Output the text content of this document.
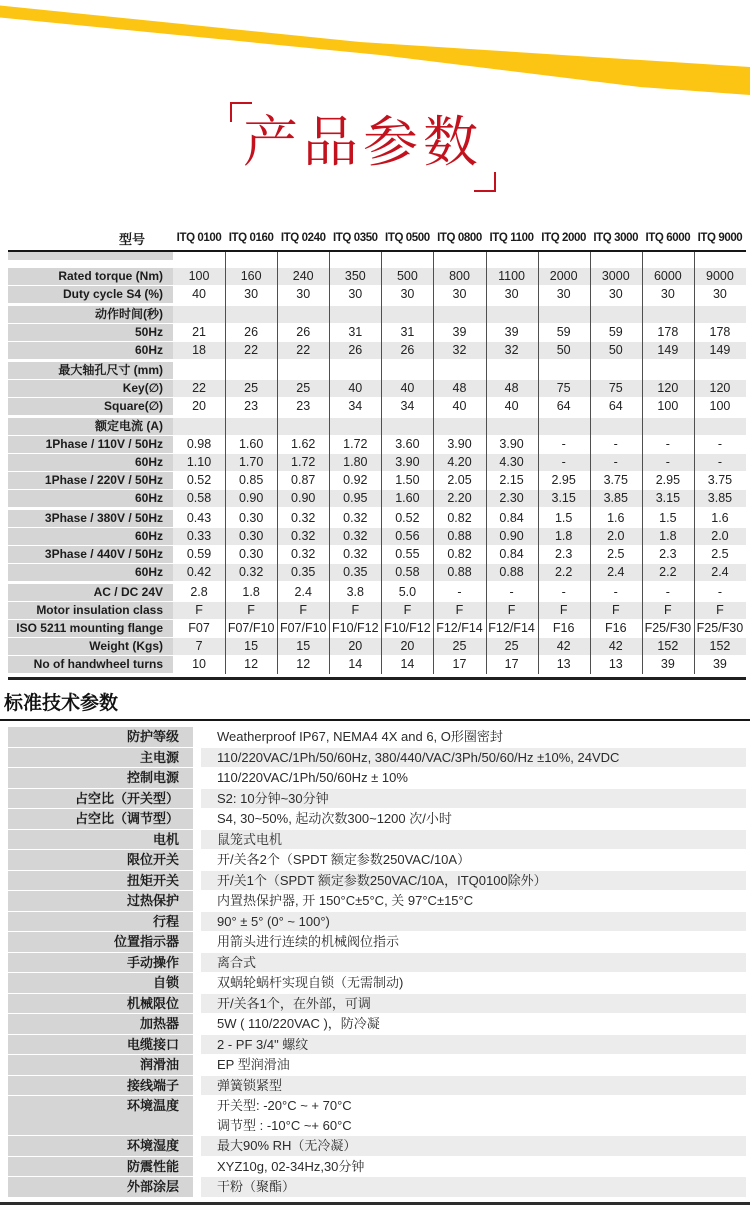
产品参数
型号	ITQ 0100 ITQ 0160 ITQ 0240 ITQ 0350 ITQ 0500 ITQ 0800 ITQ 1100 ITQ 2000 ITQ 3000 ITQ 6000 ITQ 9000
Rated torque (Nm)	100	160	240	350	500	800	1100	2000	3000	6000	9000
Duty cycle S4 (%)	40	30	30	30	30	30	30	30	30	30	30
动作时间(秒)
50Hz	21	26	26	31	31	39	39	59	59	178	178
60Hz	18	22	22	26	26	32	32	50	50	149	149
最大轴孔尺寸 (mm)
Key(∅)	22	25	25	40	40	48	48	75	75	120	120
Square(∅)	20	23	23	34	34	40	40	64	64	100	100
额定电流 (A)
1Phase / 110V / 50Hz	0.98	1.60	1.62	1.72	3.60	3.90	3.90	-	-	-	-
60Hz	1.10	1.70	1.72	1.80	3.90	4.20	4.30	-	-	-	-
1Phase / 220V / 50Hz	0.52	0.85	0.87	0.92	1.50	2.05	2.15	2.95	3.75	2.95	3.75
60Hz	0.58	0.90	0.90	0.95	1.60	2.20	2.30	3.15	3.85	3.15	3.85
3Phase / 380V / 50Hz	0.43	0.30	0.32	0.32	0.52	0.82	0.84	1.5	1.6	1.5	1.6
60Hz	0.33	0.30	0.32	0.32	0.56	0.88	0.90	1.8	2.0	1.8	2.0
3Phase / 440V / 50Hz	0.59	0.30	0.32	0.32	0.55	0.82	0.84	2.3	2.5	2.3	2.5
60Hz	0.42	0.32	0.35	0.35	0.58	0.88	0.88	2.2	2.4	2.2	2.4
AC / DC 24V	2.8	1.8	2.4	3.8	5.0	-	-	-	-	-	-
Motor insulation class	F	F	F	F	F	F	F	F	F	F	F
ISO 5211 mounting flange	F07	F07/F10 F07/F10 F10/F12 F10/F12 F12/F14 F12/F14	F16	F16	F25/F30 F25/F30
Weight (Kgs)	7	15	15	20	20	25	25	42	42	152	152
No of handwheel turns	10	12	12	14	14	17	17	13	13	39	39
标准技术参数
防护等级	Weatherproof IP67, NEMA4 4X and 6, O形圈密封
主电源	110/220VAC/1Ph/50/60Hz, 380/440/VAC/3Ph/50/60/Hz ±10%, 24VDC
控制电源	110/220VAC/1Ph/50/60Hz ± 10%
占空比（开关型）	S2: 10分钟~30分钟
占空比（调节型）	S4, 30~50%, 起动次数300~1200 次/小时
电机	鼠笼式电机
限位开关	开/关各2个（SPDT 额定参数250VAC/10A）
扭矩开关	开/关1个（SPDT 额定参数250VAC/10A，ITQ0100除外）
过热保护	内置热保护器, 开 150°C±5°C, 关 97°C±15°C
行程	90° ± 5° (0° ~ 100°)
位置指示器	用箭头进行连续的机械阀位指示
手动操作	离合式
自锁	双蜗轮蜗杆实现自锁（无需制动)
机械限位	开/关各1个，在外部，可调
加热器	5W ( 110/220VAC )，防冷凝
电缆接口	2 - PF 3/4" 螺纹
润滑油	EP 型润滑油
接线端子	弹簧锁紧型
环境温度	开关型: -20°C ~ + 70°C
调节型 : -10°C ~+ 60°C
环境湿度	最大90% RH（无冷凝）
防震性能	XYZ10g, 02-34Hz,30分钟
外部涂层	干粉（聚酯）
